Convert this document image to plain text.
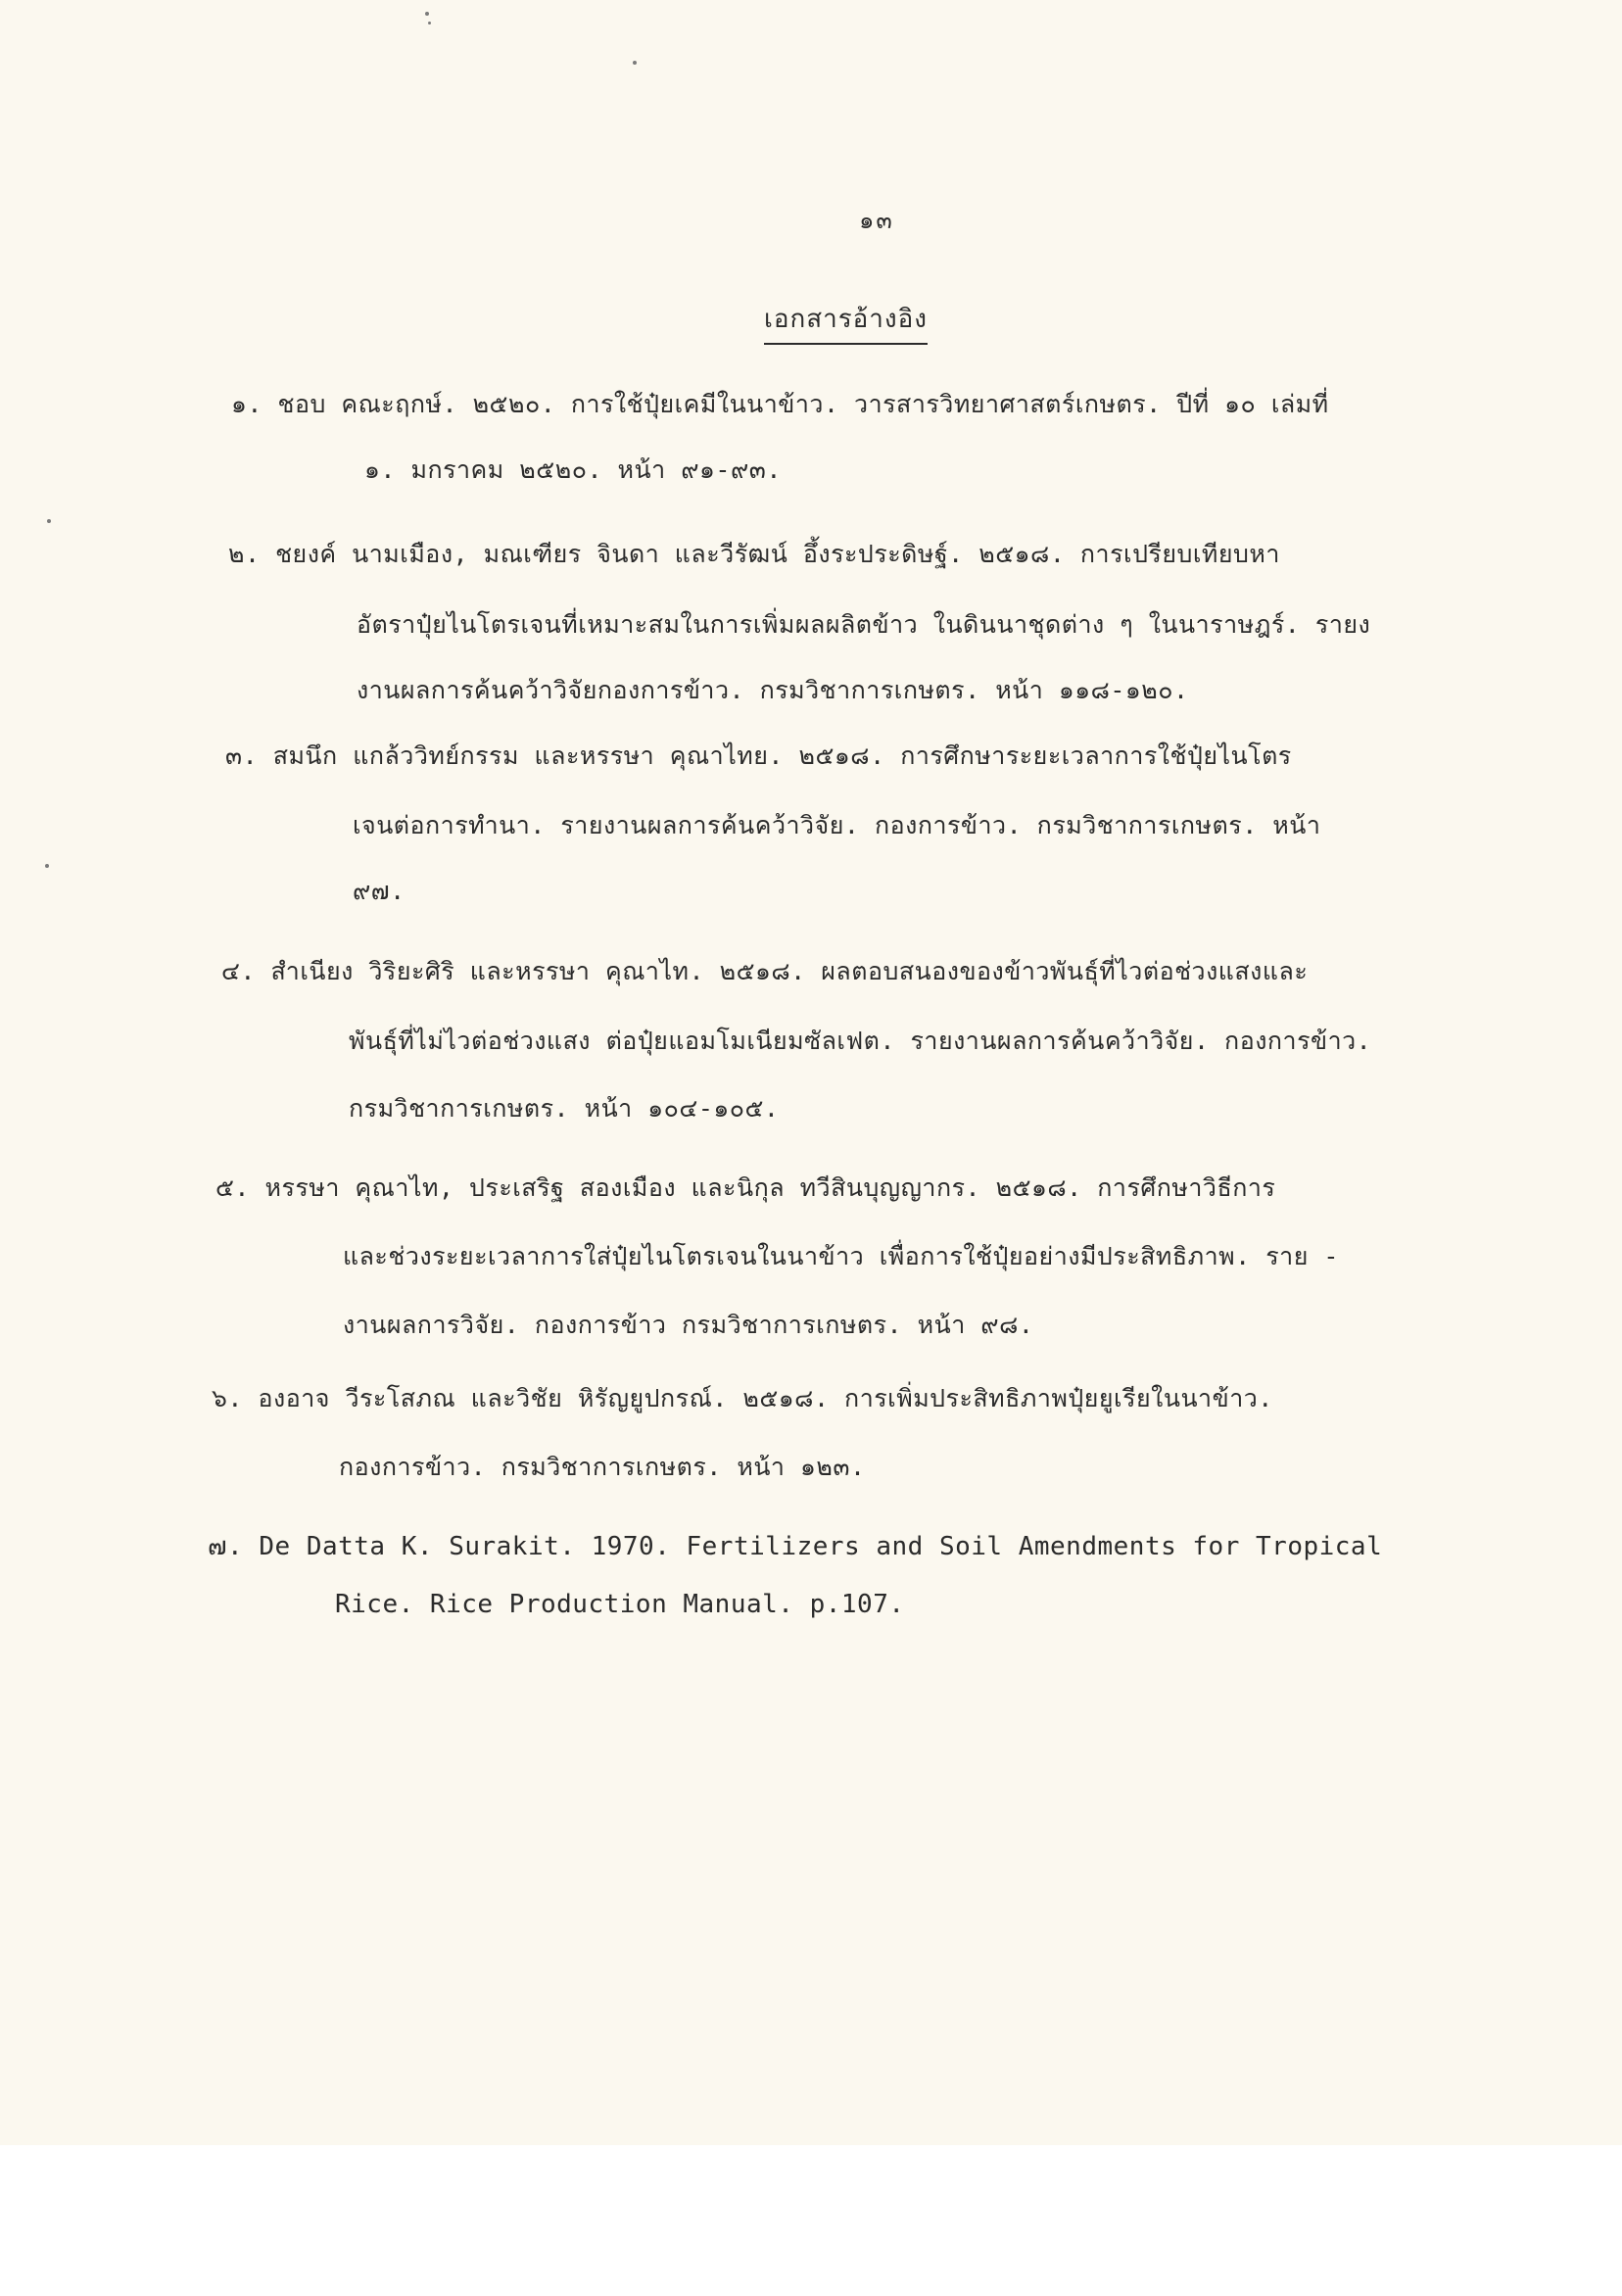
๑๓
เอกสารอ้างอิง
๑. ชอบ คณะฤกษ์. ๒๕๒๐. การใช้ปุ๋ยเคมีในนาข้าว. วารสารวิทยาศาสตร์เกษตร. ปีที่ ๑๐ เล่มที่
๑. มกราคม ๒๕๒๐. หน้า ๙๑-๙๓.
๒. ชยงค์ นามเมือง, มณเฑียร จินดา และวีรัฒน์ อึ้งระประดิษฐ์. ๒๕๑๘. การเปรียบเทียบหา
อัตราปุ๋ยไนโตรเจนที่เหมาะสมในการเพิ่มผลผลิตข้าว ในดินนาชุดต่าง ๆ ในนาราษฎร์. รายง
งานผลการค้นคว้าวิจัยกองการข้าว. กรมวิชาการเกษตร. หน้า ๑๑๘-๑๒๐.
๓. สมนึก แกล้ววิทย์กรรม และหรรษา คุณาไทย. ๒๕๑๘. การศึกษาระยะเวลาการใช้ปุ๋ยไนโตร
เจนต่อการทำนา. รายงานผลการค้นคว้าวิจัย. กองการข้าว. กรมวิชาการเกษตร. หน้า
๙๗.
๔. สำเนียง วิริยะศิริ และหรรษา คุณาไท. ๒๕๑๘. ผลตอบสนองของข้าวพันธุ์ที่ไวต่อช่วงแสงและ
พันธุ์ที่ไม่ไวต่อช่วงแสง ต่อปุ๋ยแอมโมเนียมซัลเฟต. รายงานผลการค้นคว้าวิจัย. กองการข้าว.
กรมวิชาการเกษตร. หน้า ๑๐๔-๑๐๕.
๕. หรรษา คุณาไท, ประเสริฐ สองเมือง และนิกุล ทวีสินบุญญากร. ๒๕๑๘. การศึกษาวิธีการ
และช่วงระยะเวลาการใส่ปุ๋ยไนโตรเจนในนาข้าว เพื่อการใช้ปุ๋ยอย่างมีประสิทธิภาพ. ราย -
งานผลการวิจัย. กองการข้าว กรมวิชาการเกษตร. หน้า ๙๘.
๖. องอาจ วีระโสภณ และวิชัย หิรัญยูปกรณ์. ๒๕๑๘. การเพิ่มประสิทธิภาพปุ๋ยยูเรียในนาข้าว.
กองการข้าว. กรมวิชาการเกษตร. หน้า ๑๒๓.
๗. De Datta K. Surakit. 1970. Fertilizers and Soil Amendments for Tropical
Rice. Rice Production Manual. p.107.
